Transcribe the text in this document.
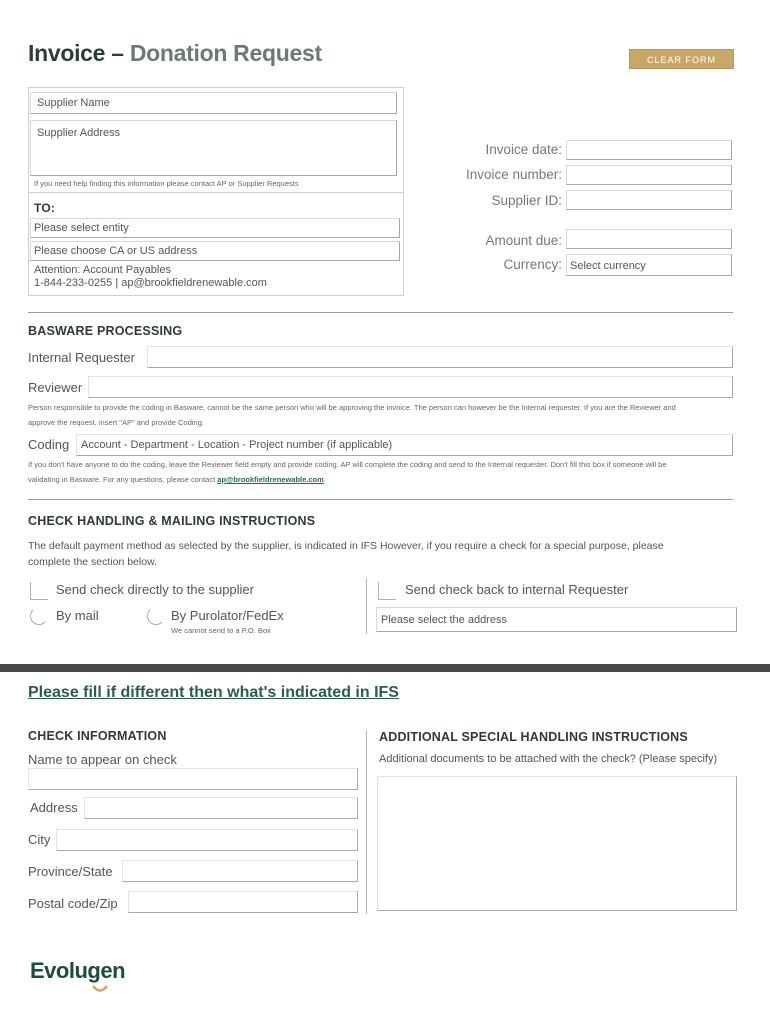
Invoice – Donation Request	CLEAR FORM
Supplier Name
Supplier Address
If you need help finding this information please contact AP or Supplier Requests
TO:
Please select entity
Please choose CA or US address
Attention: Account Payables
1-844-233-0255 | ap@brookfieldrenewable.com
Invoice date:
Invoice number:
Supplier ID:
Amount due:
Currency: Select currency
BASWARE PROCESSING
Internal Requester
Reviewer
Person responsible to provide the coding in Basware, cannot be the same person who will be approving the invoice. The person can however be the Internal requester. If you are the Reviewer and
approve the request, insert "AP" and provide Coding.
Coding Account - Department - Location - Project number (if applicable)
If you don't have anyone to do the coding, leave the Reviewer field empty and provide coding. AP will complete the coding and send to the Internal requester. Don't fill this box if someone will be
validating in Basware. For any questions, please contact ap@brookfieldrenewable.com.
CHECK HANDLING & MAILING INSTRUCTIONS
The default payment method as selected by the supplier, is indicated in IFS However, if you require a check for a special purpose, please
complete the section below.
Send check directly to the supplier
By mail	By Purolator/FedEx
We cannot send to a P.O. Box
Send check back to internal Requester
Please select the address
Please fill if different then what's indicated in IFS
CHECK INFORMATION
Name to appear on check
Address
City
Province/State
Postal code/Zip
ADDITIONAL SPECIAL HANDLING INSTRUCTIONS
Additional documents to be attached with the check? (Please specify)
Evolugen
